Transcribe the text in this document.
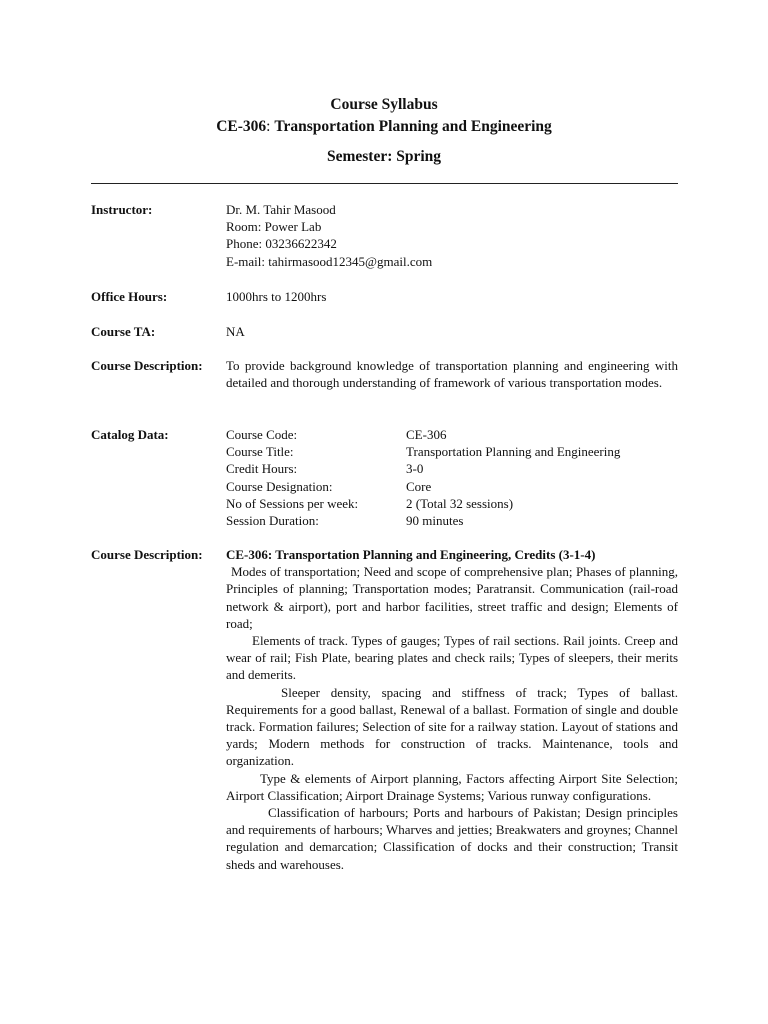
Course Syllabus
CE-306: Transportation Planning and Engineering
Semester: Spring
Instructor:	Dr. M. Tahir Masood
Room: Power Lab
Phone: 03236622342
E-mail: tahirmasood12345@gmail.com
Office Hours:	1000hrs to 1200hrs
Course TA:	NA
Course Description:	To provide background knowledge of transportation planning and engineering with detailed and thorough understanding of framework of various transportation modes.
Catalog Data:	Course Code:	CE-306
Course Title:	Transportation Planning and Engineering
Credit Hours:	3-0
Course Designation:	Core
No of Sessions per week:	2 (Total 32 sessions)
Session Duration:	90 minutes
Course Description:	CE-306: Transportation Planning and Engineering, Credits (3-1-4)

Modes of transportation; Need and scope of comprehensive plan; Phases of planning, Principles of planning; Transportation modes; Paratransit. Communication (rail-road network & airport), port and harbor facilities, street traffic and design; Elements of road;

Elements of track. Types of gauges; Types of rail sections. Rail joints. Creep and wear of rail; Fish Plate, bearing plates and check rails; Types of sleepers, their merits and demerits.

Sleeper density, spacing and stiffness of track; Types of ballast. Requirements for a good ballast, Renewal of a ballast. Formation of single and double track. Formation failures; Selection of site for a railway station. Layout of stations and yards; Modern methods for construction of tracks. Maintenance, tools and organization.

Type & elements of Airport planning, Factors affecting Airport Site Selection; Airport Classification; Airport Drainage Systems; Various runway configurations.

Classification of harbours; Ports and harbours of Pakistan; Design principles and requirements of harbours; Wharves and jetties; Breakwaters and groynes; Channel regulation and demarcation; Classification of docks and their construction; Transit sheds and warehouses.
